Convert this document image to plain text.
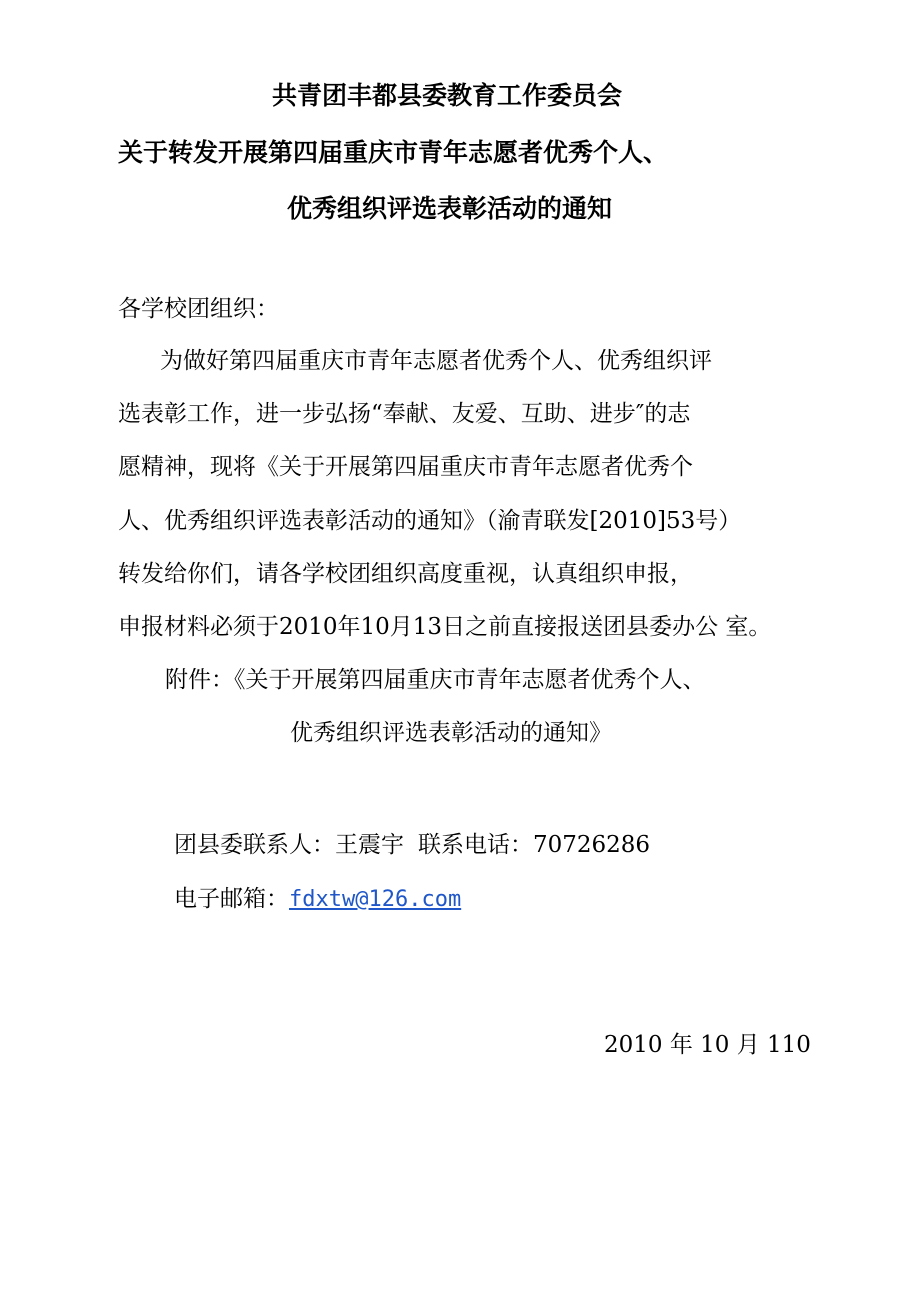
共青团丰都县委教育工作委员会
关于转发开展第四届重庆市青年志愿者优秀个人、
优秀组织评选表彰活动的通知
各学校团组织：
为做好第四届重庆市青年志愿者优秀个人、优秀组织评
选表彰工作，进一步弘扬“奉献、友爱、互助、进步″的志
愿精神，现将《关于开展第四届重庆市青年志愿者优秀个
人、优秀组织评选表彰活动的通知》（渝青联发[2010]53号）
转发给你们，请各学校团组织高度重视，认真组织申报，
申报材料必须于2010年10月13日之前直接报送团县委办公 室。
附件：《关于开展第四届重庆市青年志愿者优秀个人、
优秀组织评选表彰活动的通知》
团县委联系人：王震宇 联系电话：70726286
电子邮箱：fdxtw@126.com
2010 年 10 月 110
